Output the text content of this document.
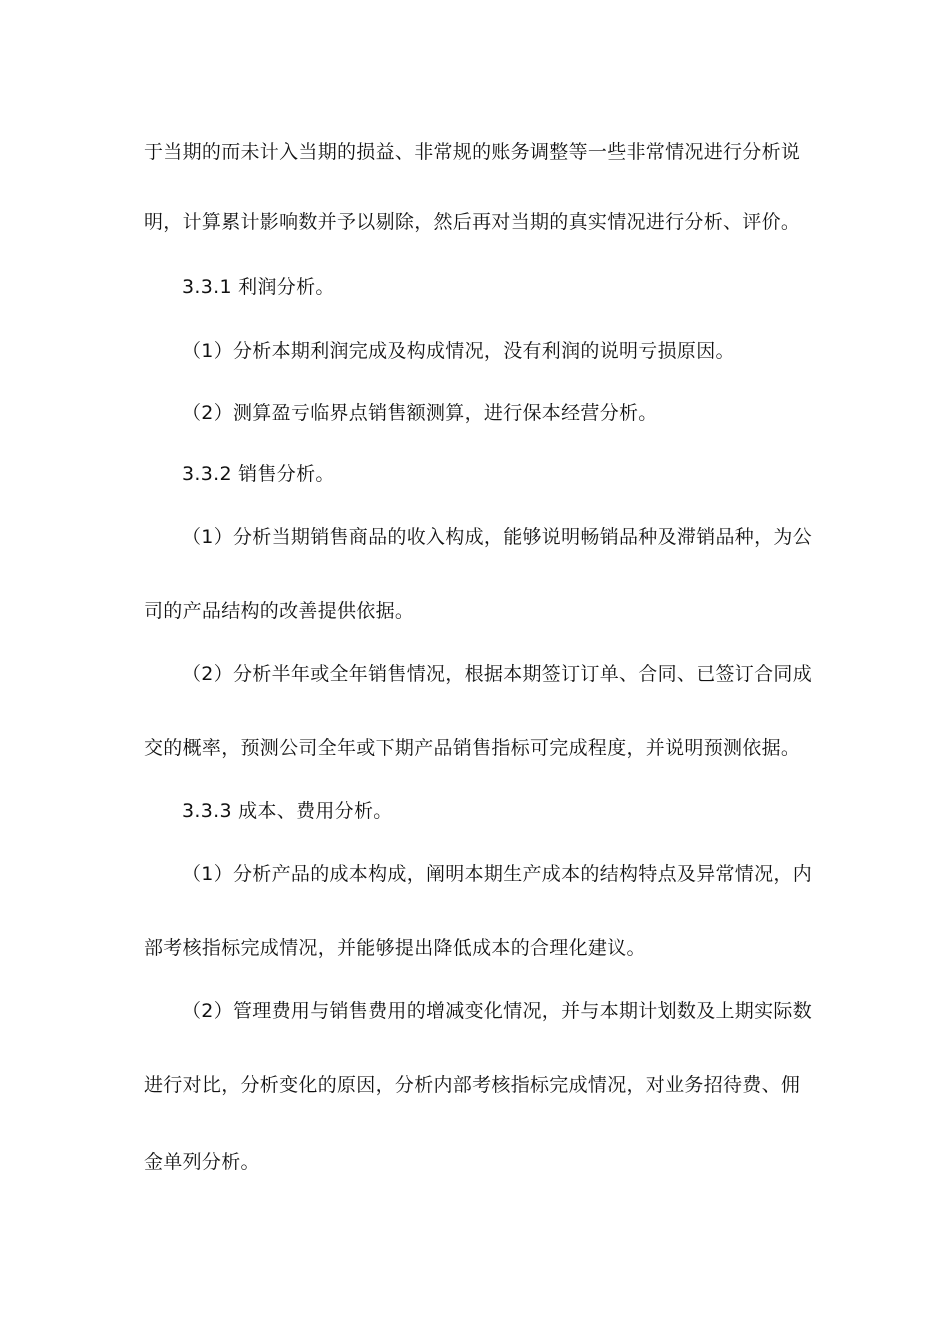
于当期的而未计入当期的损益、非常规的账务调整等一些非常情况进行分析说
明，计算累计影响数并予以剔除，然后再对当期的真实情况进行分析、评价。
3.3.1 利润分析。
（1）分析本期利润完成及构成情况，没有利润的说明亏损原因。
（2）测算盈亏临界点销售额测算，进行保本经营分析。
3.3.2 销售分析。
（1）分析当期销售商品的收入构成，能够说明畅销品种及滞销品种，为公
司的产品结构的改善提供依据。
（2）分析半年或全年销售情况，根据本期签订订单、合同、已签订合同成
交的概率，预测公司全年或下期产品销售指标可完成程度，并说明预测依据。
3.3.3 成本、费用分析。
（1）分析产品的成本构成，阐明本期生产成本的结构特点及异常情况，内
部考核指标完成情况，并能够提出降低成本的合理化建议。
（2）管理费用与销售费用的增减变化情况，并与本期计划数及上期实际数
进行对比，分析变化的原因，分析内部考核指标完成情况，对业务招待费、佣
金单列分析。
